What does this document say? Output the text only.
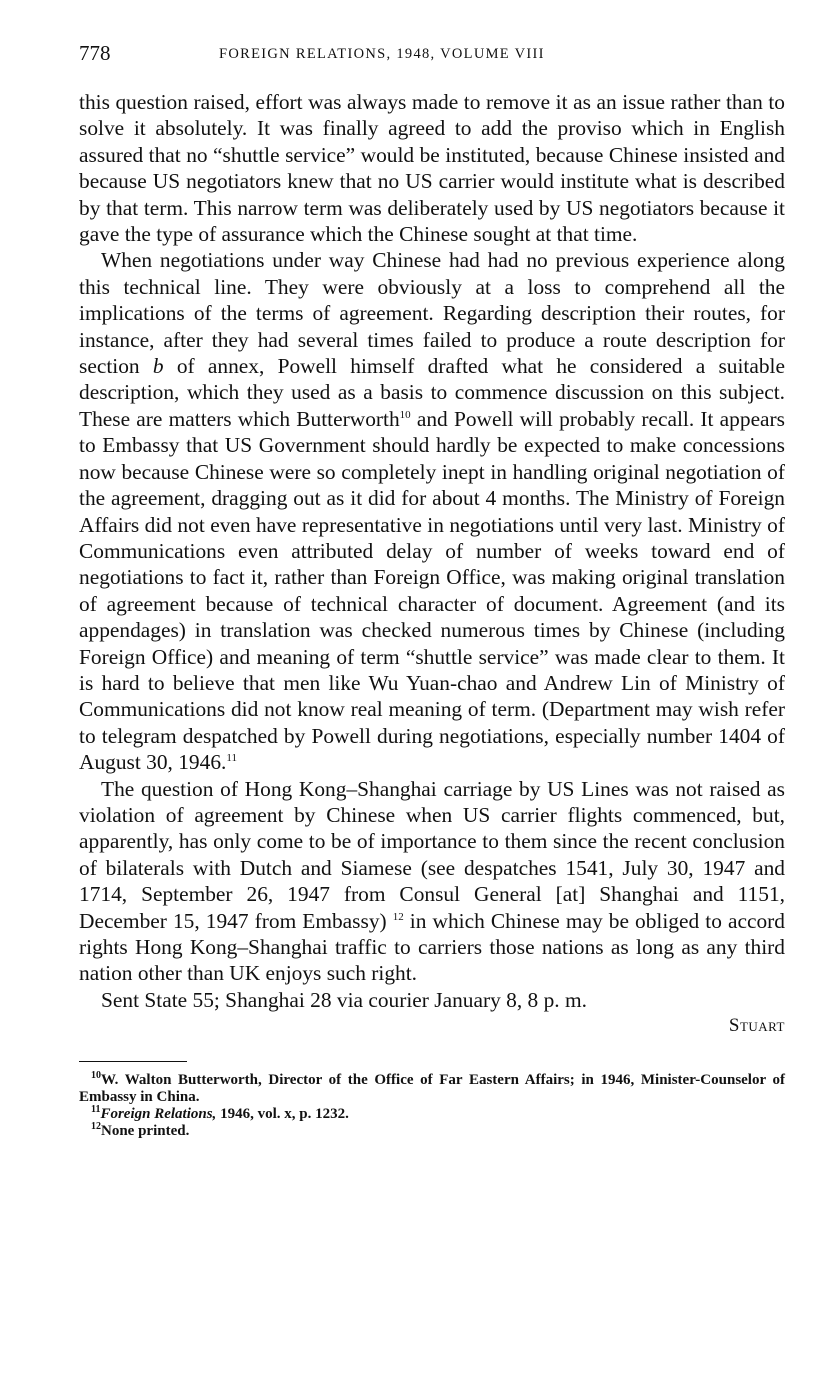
778	FOREIGN RELATIONS, 1948, VOLUME VIII

this question raised, effort was always made to remove it as an issue rather than to solve it absolutely. It was finally agreed to add the proviso which in English assured that no “shuttle service” would be instituted, because Chinese insisted and because US negotiators knew that no US carrier would institute what is described by that term. This narrow term was deliberately used by US negotiators because it gave the type of assurance which the Chinese sought at that time.

When negotiations under way Chinese had had no previous experience along this technical line. They were obviously at a loss to comprehend all the implications of the terms of agreement. Regarding description their routes, for instance, after they had several times failed to produce a route description for section b of annex, Powell himself drafted what he considered a suitable description, which they used as a basis to commence discussion on this subject. These are matters which Butterworth$^{10}$ and Powell will probably recall. It appears to Embassy that US Government should hardly be expected to make concessions now because Chinese were so completely inept in handling original negotiation of the agreement, dragging out as it did for about 4 months. The Ministry of Foreign Affairs did not even have representative in negotiations until very last. Ministry of Communications even attributed delay of number of weeks toward end of negotiations to fact it, rather than Foreign Office, was making original translation of agreement because of technical character of document. Agreement (and its appendages) in translation was checked numerous times by Chinese (including Foreign Office) and meaning of term “shuttle service” was made clear to them. It is hard to believe that men like Wu Yuan-chao and Andrew Lin of Ministry of Communications did not know real meaning of term. (Department may wish refer to telegram despatched by Powell during negotiations, especially number 1404 of August 30, 1946.11

The question of Hong Kong–Shanghai carriage by US Lines was not raised as violation of agreement by Chinese when US carrier flights commenced, but, apparently, has only come to be of importance to them since the recent conclusion of bilaterals with Dutch and Siamese (see despatches 1541, July 30, 1947 and 1714, September 26, 1947 from Consul General [at] Shanghai and 1151, December 15, 1947 from Embassy) $^{12}$ in which Chinese may be obliged to accord rights Hong Kong–Shanghai traffic to carriers those nations as long as any third nation other than UK enjoys such right.

Sent State 55; Shanghai 28 via courier January 8, 8 p. m.

Stuart

$^{10}$W. Walton Butterworth, Director of the Office of Far Eastern Affairs; in 1946, Minister-Counselor of Embassy in China.

$^{11}$Foreign Relations, 1946, vol. x, p. 1232.

$^{12}$None printed.
